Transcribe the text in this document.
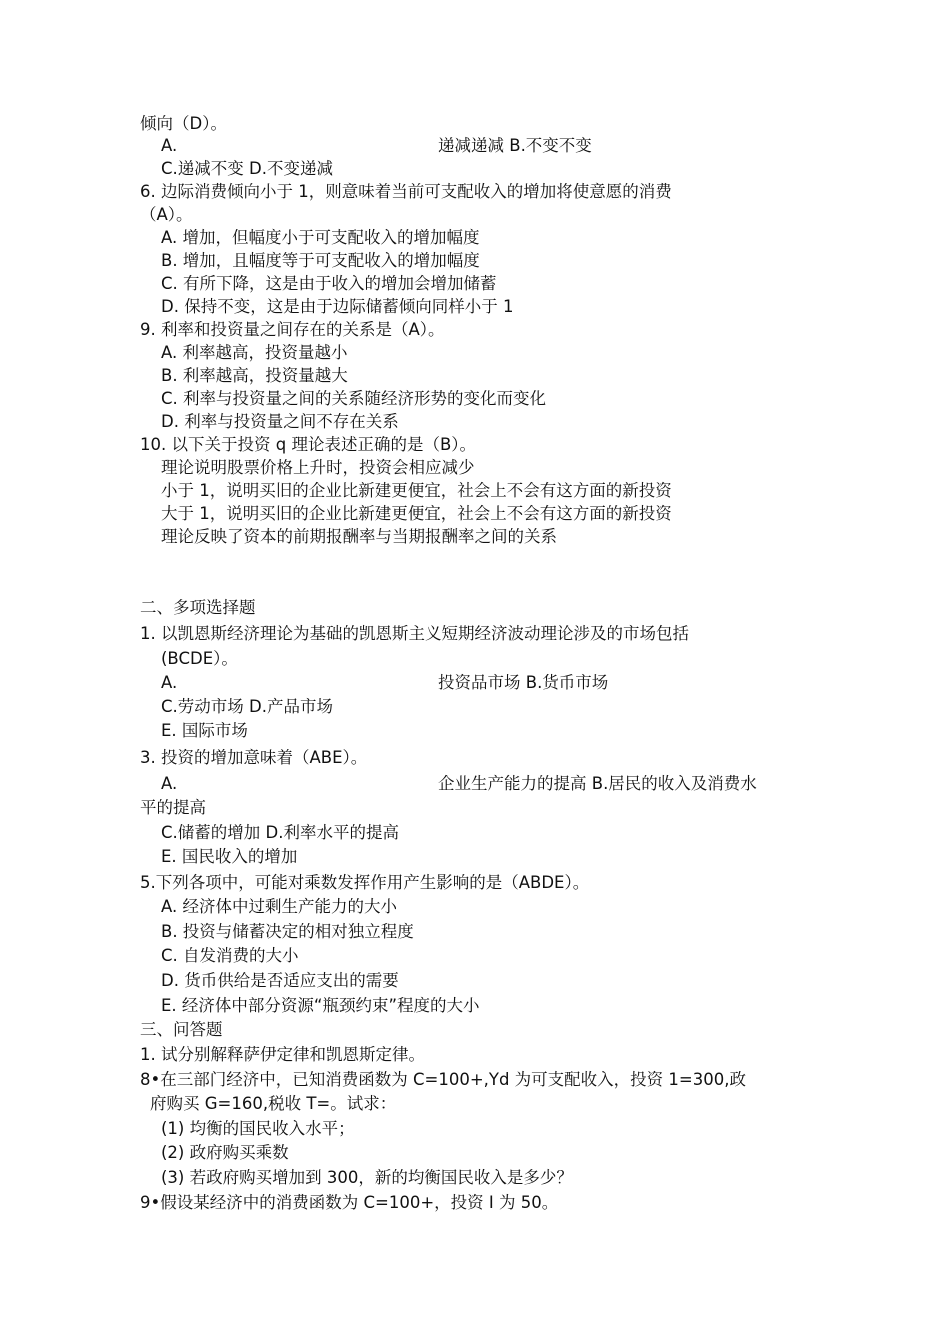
倾向（D）。
A.	递减递减 B.不变不变
C.递减不变 D.不变递减
6. 边际消费倾向小于 1，则意味着当前可支配收入的增加将使意愿的消费
（A）。
A. 增加，但幅度小于可支配收入的增加幅度
B. 增加，且幅度等于可支配收入的增加幅度
C. 有所下降，这是由于收入的增加会增加储蓄
D. 保持不变，这是由于边际储蓄倾向同样小于 1
9. 利率和投资量之间存在的关系是（A）。
A. 利率越高，投资量越小
B. 利率越高，投资量越大
C. 利率与投资量之间的关系随经济形势的变化而变化
D. 利率与投资量之间不存在关系
10. 以下关于投资 q 理论表述正确的是（B）。
理论说明股票价格上升时，投资会相应减少
小于 1，说明买旧的企业比新建更便宜，社会上不会有这方面的新投资
大于 1，说明买旧的企业比新建更便宜，社会上不会有这方面的新投资
理论反映了资本的前期报酬率与当期报酬率之间的关系
二、多项选择题
1. 以凯恩斯经济理论为基础的凯恩斯主义短期经济波动理论涉及的市场包括
(BCDE）。
A.	投资品市场 B.货币市场
C.劳动市场 D.产品市场
E. 国际市场
3. 投资的增加意味着（ABE）。
A.	企业生产能力的提高 B.居民的收入及消费水
平的提高
C.储蓄的增加 D.利率水平的提高
E. 国民收入的增加
5.下列各项中，可能对乘数发挥作用产生影响的是（ABDE）。
A. 经济体中过剩生产能力的大小
B. 投资与储蓄决定的相对独立程度
C. 自发消费的大小
D. 货币供给是否适应支出的需要
E. 经济体中部分资源“瓶颈约束”程度的大小
三、问答题
1. 试分别解释萨伊定律和凯恩斯定律。
8•在三部门经济中，已知消费函数为 C=100+,Yd 为可支配收入，投资 1=300,政
府购买 G=160,税收 T=。试求：
(1) 均衡的国民收入水平；
(2) 政府购买乘数
(3) 若政府购买增加到 300，新的均衡国民收入是多少？
9•假设某经济中的消费函数为 C=100+，投资 I 为 50。
